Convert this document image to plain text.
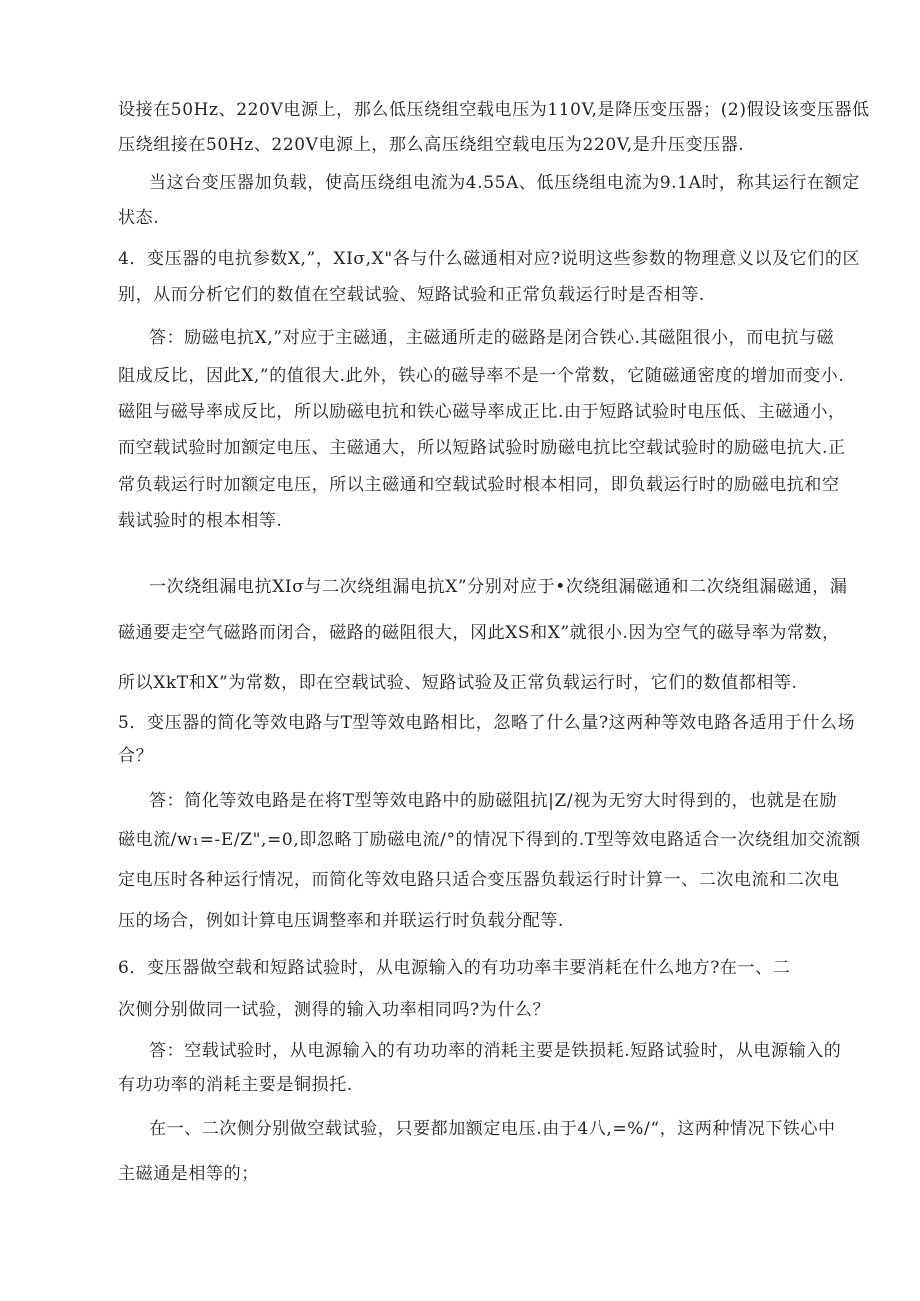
设接在50Hz、220V电源上，那么低压绕组空载电压为110V,是降压变压器；(2)假设该变压器低
压绕组接在50Hz、220V电源上，那么高压绕组空载电压为220V,是升压变压器.
当这台变压器加负载，使高压绕组电流为4.55A、低压绕组电流为9.1A时，称其运行在额定
状态.
4．变压器的电抗参数X,”，XIσ,X"各与什么磁通相对应?说明这些参数的物理意义以及它们的区
别，从而分析它们的数值在空载试验、短路试验和正常负载运行时是否相等.
答：励磁电抗X,”对应于主磁通，主磁通所走的磁路是闭合铁心.其磁阻很小，而电抗与磁
阻成反比，因此X,”的值很大.此外，铁心的磁导率不是一个常数，它随磁通密度的增加而变小.
磁阻与磁导率成反比，所以励磁电抗和铁心磁导率成正比.由于短路试验时电压低、主磁通小，
而空载试验时加额定电压、主磁通大，所以短路试验时励磁电抗比空载试验时的励磁电抗大.正
常负载运行时加额定电压，所以主磁通和空载试验时根本相同，即负载运行时的励磁电抗和空
载试验时的根本相等.
一次绕组漏电抗XIσ与二次绕组漏电抗X”分别对应于•次绕组漏磁通和二次绕组漏磁通，漏
磁通要走空气磁路而闭合，磁路的磁阻很大，冈此XS和X”就很小.因为空气的磁导率为常数，
所以XkT和X”为常数，即在空载试验、短路试验及正常负载运行时，它们的数值都相等.
5．变压器的简化等效电路与T型等效电路相比，忽略了什么量?这两种等效电路各适用于什么场
合？
答：简化等效电路是在将T型等效电路中的励磁阻抗|Z∕视为无穷大时得到的，也就是在励
磁电流/w₁=-E∕Z",=0,即忽略丁励磁电流/°的情况下得到的.T型等效电路适合一次绕组加交流额
定电压时各种运行情况，而简化等效电路只适合变压器负载运行时计算一、二次电流和二次电
压的场合，例如计算电压调整率和并联运行时负载分配等.
6．变压器做空载和短路试验时，从电源输入的有功功率丰要消耗在什么地方?在一、二
次侧分别做同一试验，测得的输入功率相同吗?为什么？
答：空载试验时，从电源输入的有功功率的消耗主要是铁损耗.短路试验时，从电源输入的
有功功率的消耗主要是铜损托.
在一、二次侧分别做空载试验，只要都加额定电压.由于4八,=%/“，这两种情况下铁心中
主磁通是相等的；
